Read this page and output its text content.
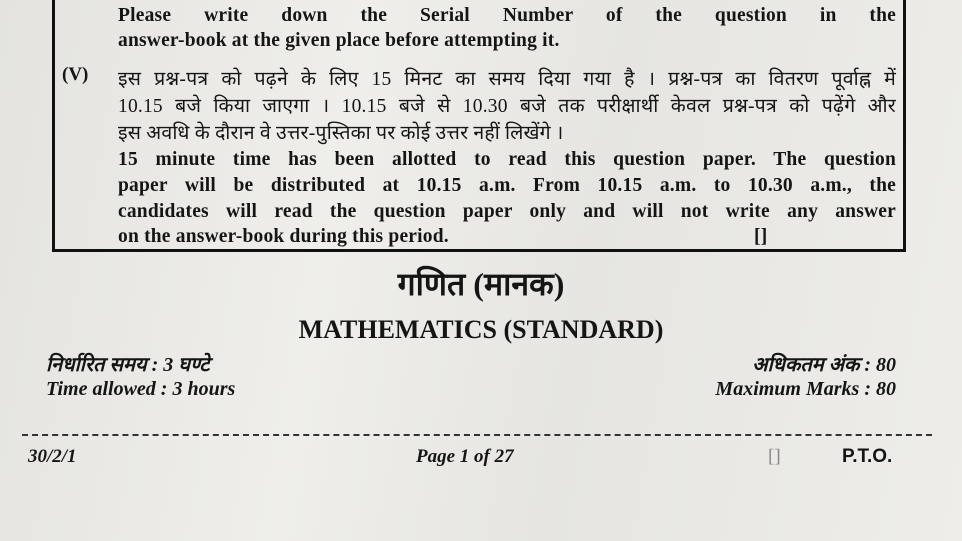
Please write down the Serial Number of the question in the
answer-book at the given place before attempting it.
(V) इस प्रश्न-पत्र को पढ़ने के लिए 15 मिनट का समय दिया गया है । प्रश्न-पत्र का वितरण पूर्वाह्न में
10.15 बजे किया जाएगा । 10.15 बजे से 10.30 बजे तक परीक्षार्थी केवल प्रश्न-पत्र को पढ़ेंगे और
इस अवधि के दौरान वे उत्तर-पुस्तिका पर कोई उत्तर नहीं लिखेंगे ।
15 minute time has been allotted to read this question paper. The question
paper will be distributed at 10.15 a.m. From 10.15 a.m. to 10.30 a.m., the
candidates will read the question paper only and will not write any answer
on the answer-book during this period.	[]
गणित (मानक)
MATHEMATICS (STANDARD)
निर्धारित समय : 3 घण्टे	अधिकतम अंक : 80
Time allowed : 3 hours	Maximum Marks : 80
30/2/1	Page 1 of 27	[]	P.T.O.
